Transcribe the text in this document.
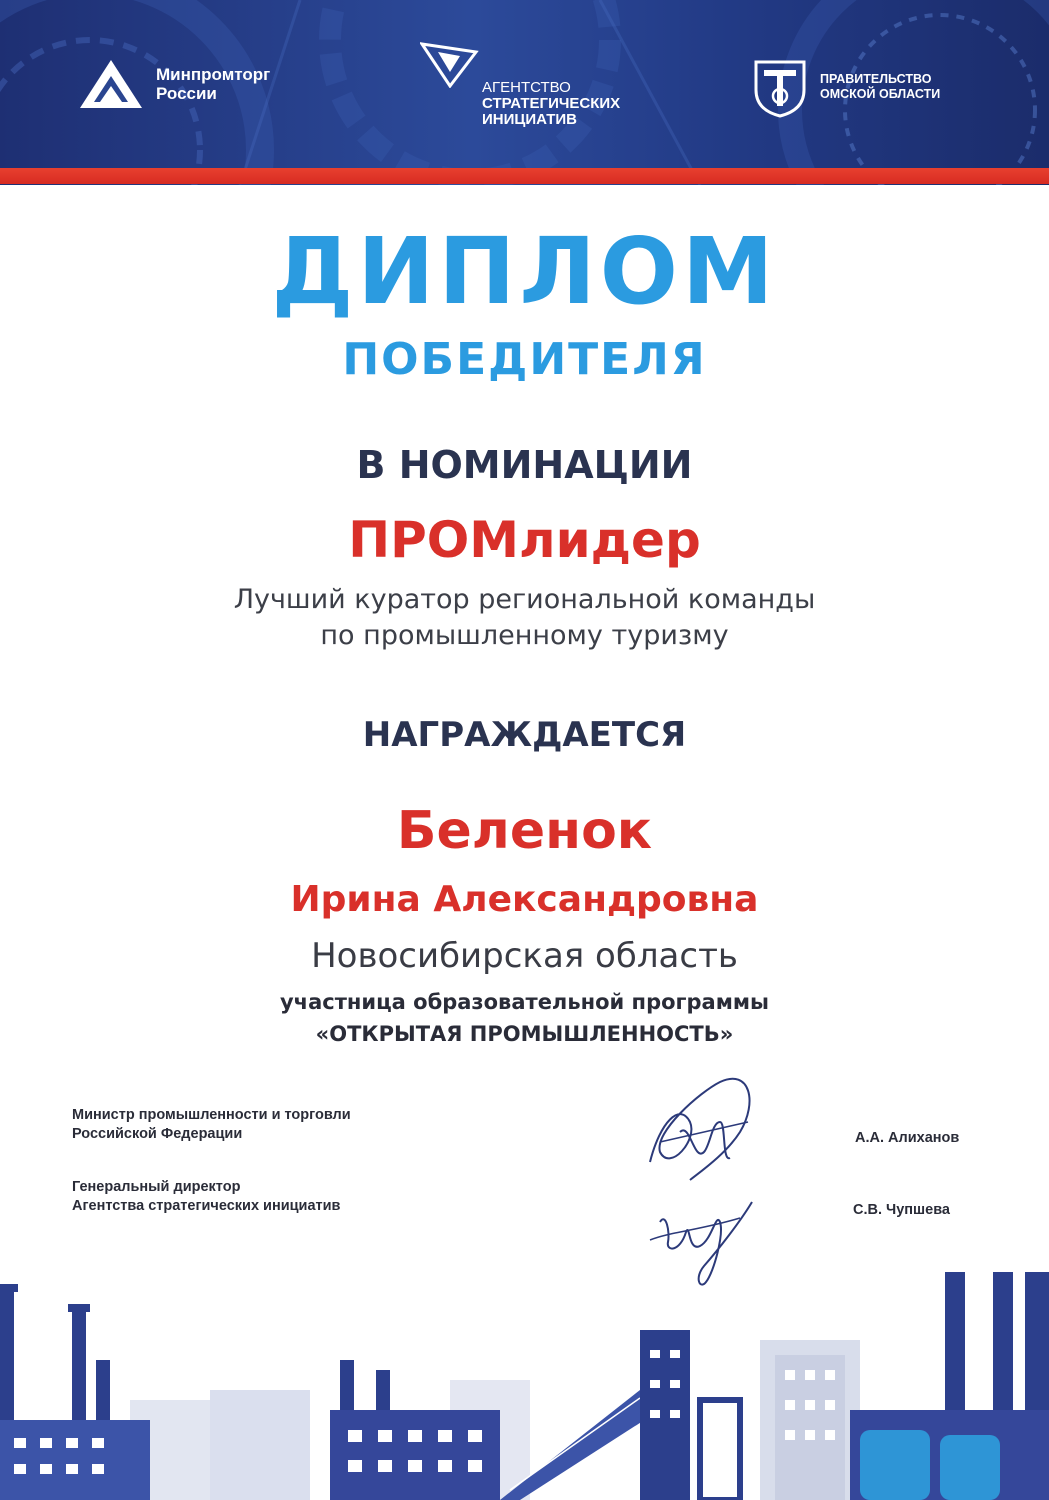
Минпромторг
России	АГЕНТСТВО
СТРАТЕГИЧЕСКИХ
ИНИЦИАТИВ
ПРАВИТЕЛЬСТВО
ОМСКОЙ ОБЛАСТИ
ДИПЛОМ
ПОБЕДИТЕЛЯ
В НОМИНАЦИИ
ПРОМлидер
Лучший куратор региональной команды
по промышленному туризму
НАГРАЖДАЕТСЯ
Беленок
Ирина Александровна
Новосибирская область
участница образовательной программы
«ОТКРЫТАЯ ПРОМЫШЛЕННОСТЬ»
Министр промышленности и торговли
Российской Федерации	А.А. Алиханов
Генеральный директор
Агентства стратегических инициатив	С.В. Чупшева
